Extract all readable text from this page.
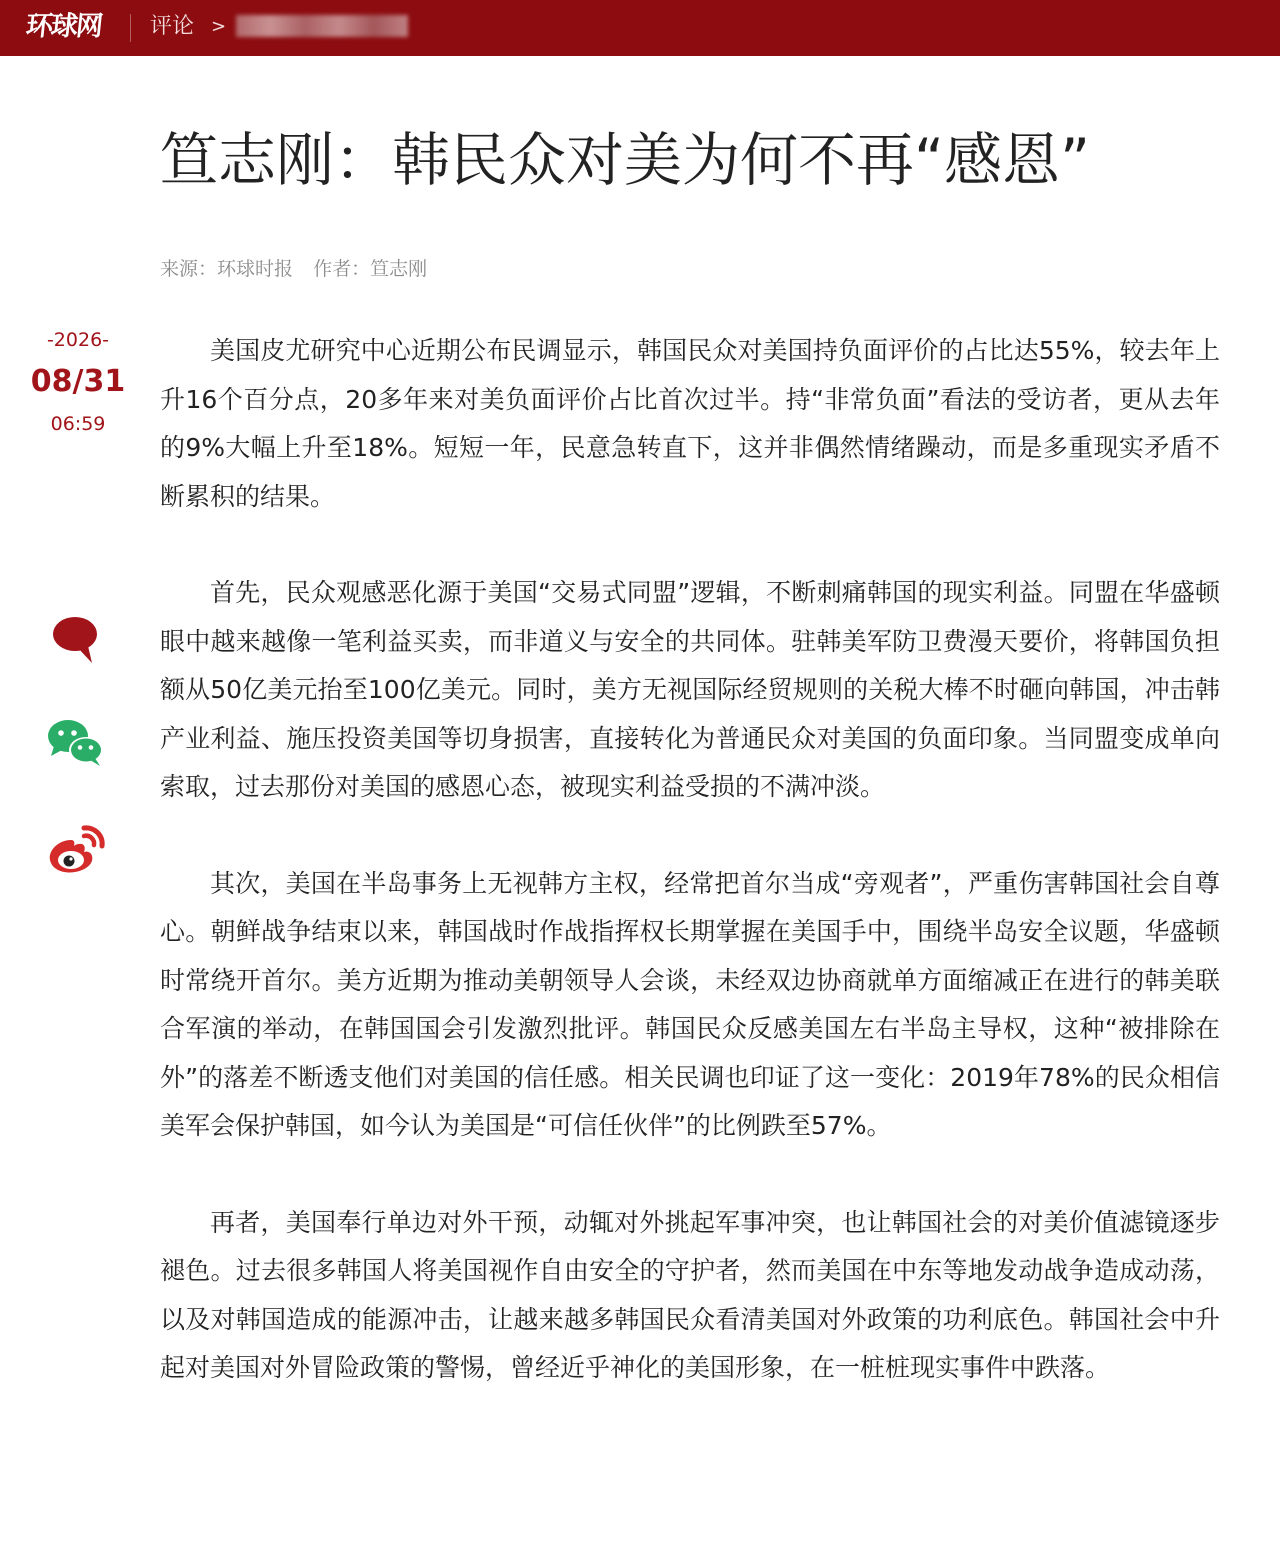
环球网 评论 >
笪志刚：韩民众对美为何不再“感恩”
来源：环球时报 作者：笪志刚
-2026-
08/31
06:59

美国皮尤研究中心近期公布民调显示，韩国民众对美国持负面评价的占比达55%，较去年上升16个百分点，20多年来对美负面评价占比首次过半。持“非常负面”看法的受访者，更从去年的9%大幅上升至18%。短短一年，民意急转直下，这并非偶然情绪躁动，而是多重现实矛盾不断累积的结果。

首先，民众观感恶化源于美国“交易式同盟”逻辑，不断刺痛韩国的现实利益。同盟在华盛顿眼中越来越像一笔利益买卖，而非道义与安全的共同体。驻韩美军防卫费漫天要价，将韩国负担额从50亿美元抬至100亿美元。同时，美方无视国际经贸规则的关税大棒不时砸向韩国，冲击韩产业利益、施压投资美国等切身损害，直接转化为普通民众对美国的负面印象。当同盟变成单向索取，过去那份对美国的感恩心态，被现实利益受损的不满冲淡。

其次，美国在半岛事务上无视韩方主权，经常把首尔当成“旁观者”，严重伤害韩国社会自尊心。朝鲜战争结束以来，韩国战时作战指挥权长期掌握在美国手中，围绕半岛安全议题，华盛顿时常绕开首尔。美方近期为推动美朝领导人会谈，未经双边协商就单方面缩减正在进行的韩美联合军演的举动，在韩国国会引发激烈批评。韩国民众反感美国左右半岛主导权，这种“被排除在外”的落差不断透支他们对美国的信任感。相关民调也印证了这一变化：2019年78%的民众相信美军会保护韩国，如今认为美国是“可信任伙伴”的比例跌至57%。

再者，美国奉行单边对外干预，动辄对外挑起军事冲突，也让韩国社会的对美价值滤镜逐步褪色。过去很多韩国人将美国视作自由安全的守护者，然而美国在中东等地发动战争造成动荡，以及对韩国造成的能源冲击，让越来越多韩国民众看清美国对外政策的功利底色。韩国社会中升起对美国对外冒险政策的警惕，曾经近乎神化的美国形象，在一桩桩现实事件中跌落。
